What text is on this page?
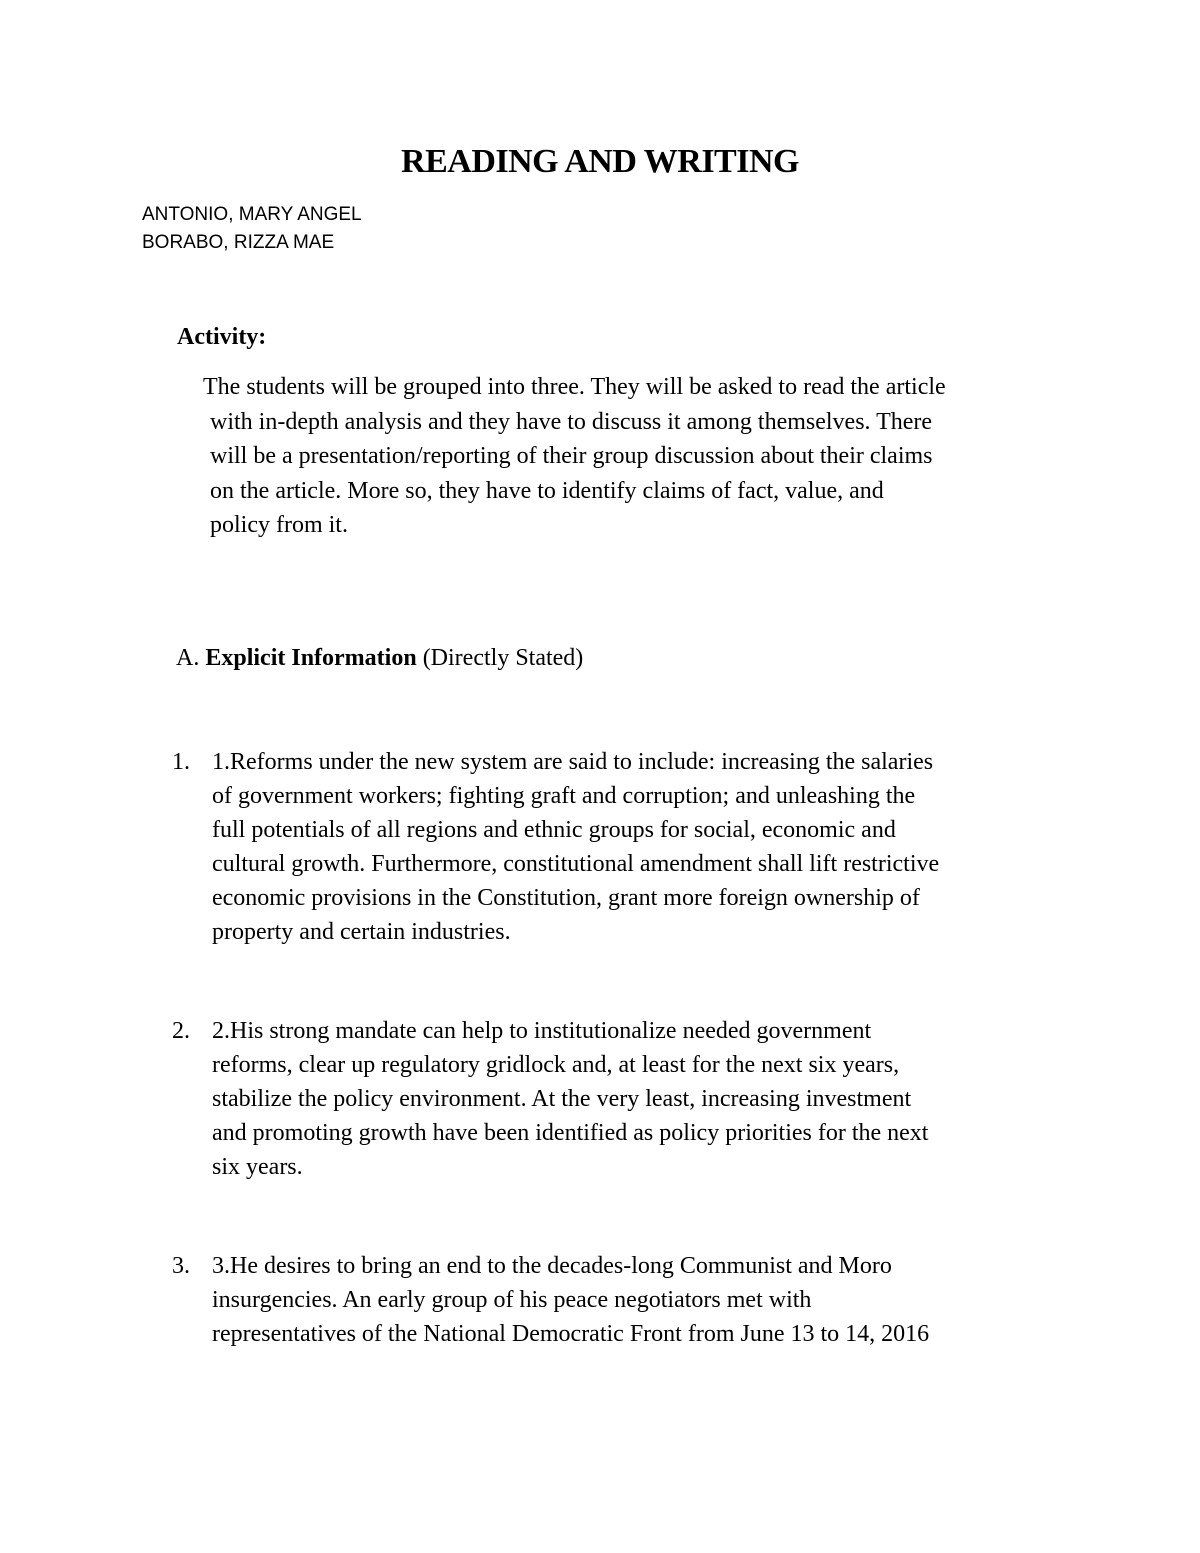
READING AND WRITING
ANTONIO, MARY ANGEL
BORABO, RIZZA MAE

Activity:

The students will be grouped into three. They will be asked to read the article
with in-depth analysis and they have to discuss it among themselves. There
will be a presentation/reporting of their group discussion about their claims
on the article. More so, they have to identify claims of fact, value, and
policy from it.

A. Explicit Information (Directly Stated)

1. 1.Reforms under the new system are said to include: increasing the salaries
of government workers; fighting graft and corruption; and unleashing the
full potentials of all regions and ethnic groups for social, economic and
cultural growth. Furthermore, constitutional amendment shall lift restrictive
economic provisions in the Constitution, grant more foreign ownership of
property and certain industries.
2. 2.His strong mandate can help to institutionalize needed government
reforms, clear up regulatory gridlock and, at least for the next six years,
stabilize the policy environment. At the very least, increasing investment
and promoting growth have been identified as policy priorities for the next
six years.
3. 3.He desires to bring an end to the decades-long Communist and Moro
insurgencies. An early group of his peace negotiators met with
representatives of the National Democratic Front from June 13 to 14, 2016
